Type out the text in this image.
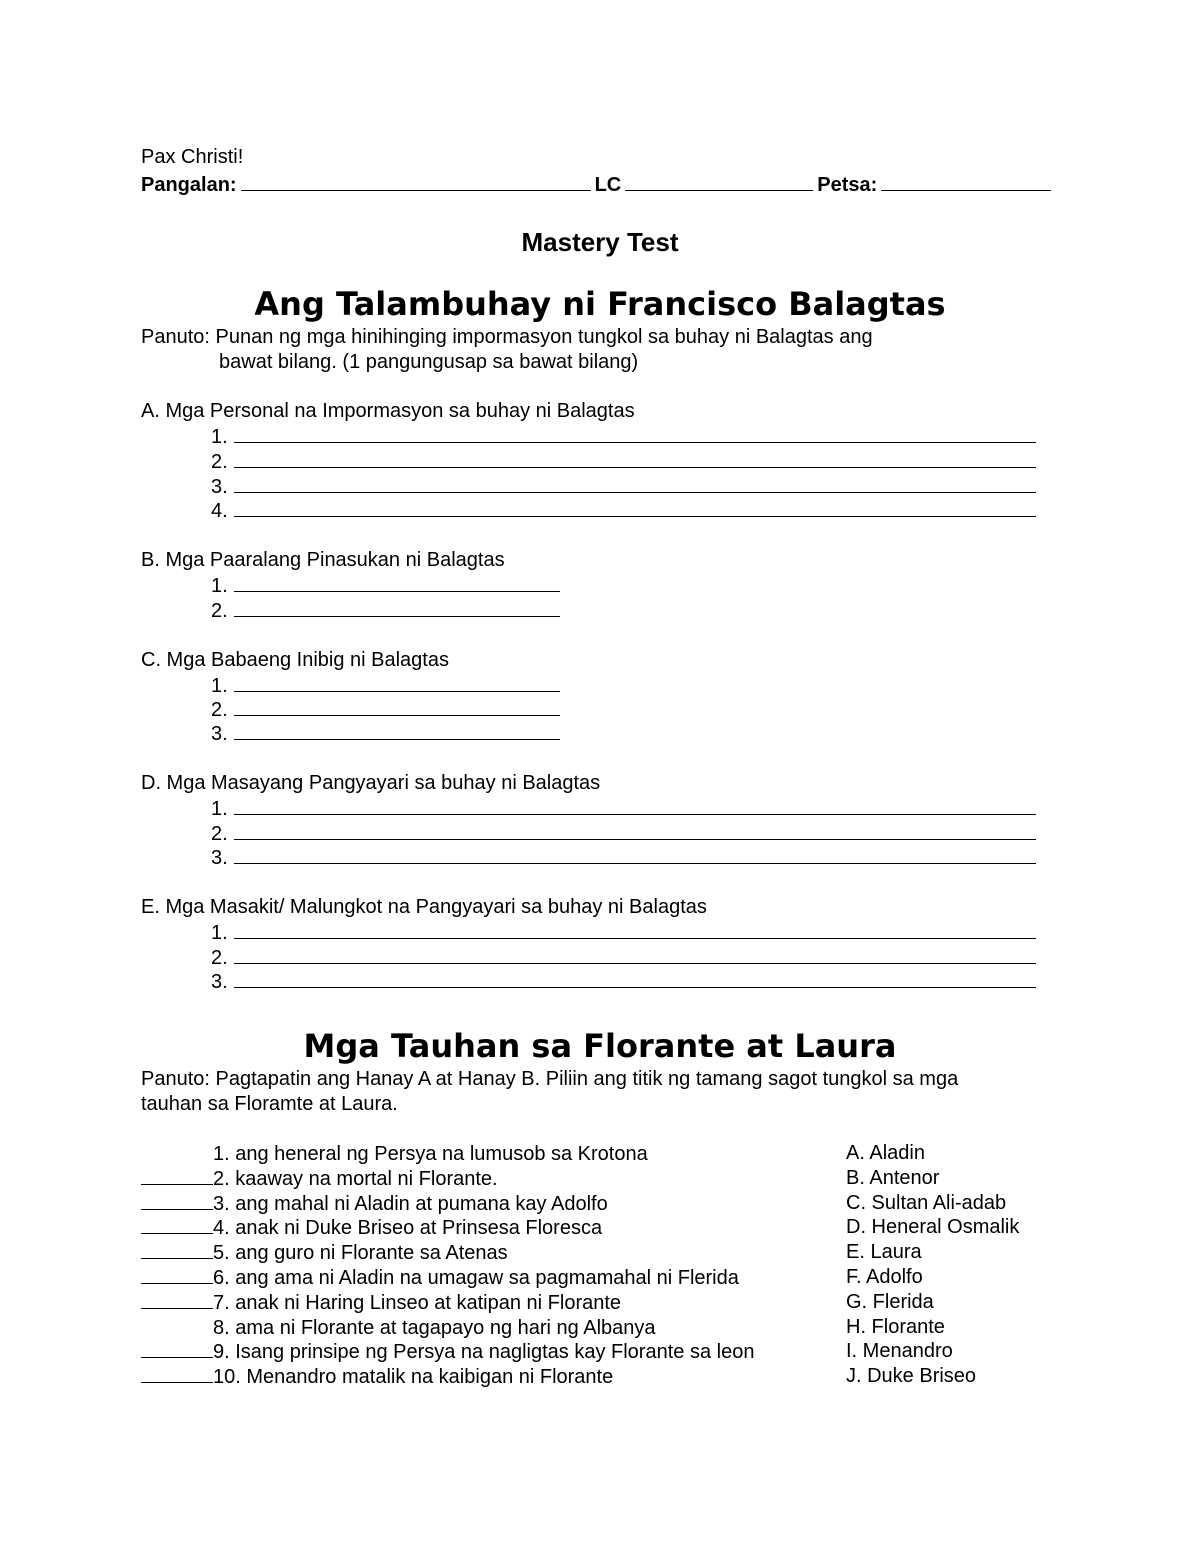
Pax Christi!
Pangalan:	LC	Petsa:
Mastery Test
Ang Talambuhay ni Francisco Balagtas
Panuto: Punan ng mga hinihinging impormasyon tungkol sa buhay ni Balagtas ang
bawat bilang. (1 pangungusap sa bawat bilang)
A. Mga Personal na Impormasyon sa buhay ni Balagtas
1.
2.
3.
4.
B. Mga Paaralang Pinasukan ni Balagtas
1.
2.
C. Mga Babaeng Inibig ni Balagtas
1.
2.
3.
D. Mga Masayang Pangyayari sa buhay ni Balagtas
1.
2.
3.
E. Mga Masakit/ Malungkot na Pangyayari sa buhay ni Balagtas
1.
2.
3.
Mga Tauhan sa Florante at Laura
Panuto: Pagtapatin ang Hanay A at Hanay B. Piliin ang titik ng tamang sagot tungkol sa mga
tauhan sa Floramte at Laura.
1. ang heneral ng Persya na lumusob sa Krotona
2. kaaway na mortal ni Florante.
3. ang mahal ni Aladin at pumana kay Adolfo
4. anak ni Duke Briseo at Prinsesa Floresca
5. ang guro ni Florante sa Atenas
6. ang ama ni Aladin na umagaw sa pagmamahal ni Flerida
7. anak ni Haring Linseo at katipan ni Florante
8. ama ni Florante at tagapayo ng hari ng Albanya
9. Isang prinsipe ng Persya na nagligtas kay Florante sa leon
10. Menandro matalik na kaibigan ni Florante
A. Aladin
B. Antenor
C. Sultan Ali-adab
D. Heneral Osmalik
E. Laura
F. Adolfo
G. Flerida
H. Florante
I. Menandro
J. Duke Briseo
